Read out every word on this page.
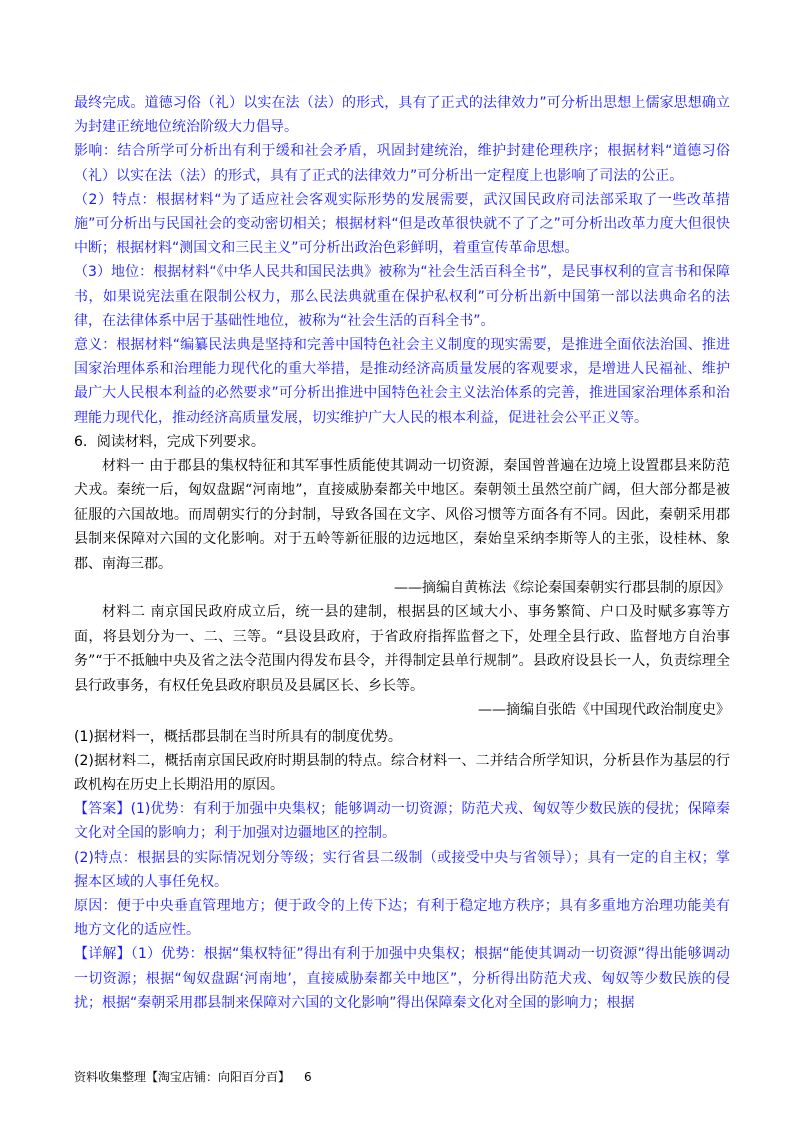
最终完成。道德习俗（礼）以实在法（法）的形式，具有了正式的法律效力”可分析出思想上儒家思想确立为封建正统地位统治阶级大力倡导。

影响：结合所学可分析出有利于缓和社会矛盾，巩固封建统治，维护封建伦理秩序；根据材料“道德习俗（礼）以实在法（法）的形式，具有了正式的法律效力”可分析出一定程度上也影响了司法的公正。

（2）特点：根据材料“为了适应社会客观实际形势的发展需要，武汉国民政府司法部采取了一些改革措施”可分析出与民国社会的变动密切相关；根据材料“但是改革很快就不了了之”可分析出改革力度大但很快中断；根据材料“测国文和三民主义”可分析出政治色彩鲜明，着重宣传革命思想。

（3）地位：根据材料“《中华人民共和国民法典》被称为“社会生活百科全书”，是民事权利的宣言书和保障书，如果说宪法重在限制公权力，那么民法典就重在保护私权利”可分析出新中国第一部以法典命名的法律，在法律体系中居于基础性地位，被称为“社会生活的百科全书”。

意义：根据材料“编纂民法典是坚持和完善中国特色社会主义制度的现实需要，是推进全面依法治国、推进国家治理体系和治理能力现代化的重大举措，是推动经济高质量发展的客观要求，是增进人民福祉、维护最广大人民根本利益的必然要求”可分析出推进中国特色社会主义法治体系的完善，推进国家治理体系和治理能力现代化，推动经济高质量发展，切实维护广大人民的根本利益，促进社会公平正义等。

6．阅读材料，完成下列要求。

材料一 由于郡县的集权特征和其军事性质能使其调动一切资源，秦国曾普遍在边境上设置郡县来防范犬戎。秦统一后，匈奴盘踞“河南地”，直接威胁秦都关中地区。秦朝领土虽然空前广阔，但大部分都是被征服的六国故地。而周朝实行的分封制，导致各国在文字、风俗习惯等方面各有不同。因此，秦朝采用郡县制来保障对六国的文化影响。对于五岭等新征服的边远地区，秦始皇采纳李斯等人的主张，设桂林、象郡、南海三郡。

——摘编自黄栋法《综论秦国秦朝实行郡县制的原因》

材料二 南京国民政府成立后，统一县的建制，根据县的区域大小、事务繁简、户口及时赋多寡等方面，将县划分为一、二、三等。“县设县政府，于省政府指挥监督之下，处理全县行政、监督地方自治事务”“于不抵触中央及省之法令范围内得发布县令，并得制定县单行规制”。县政府设县长一人，负责综理全县行政事务，有权任免县政府职员及县属区长、乡长等。

——摘编自张皓《中国现代政治制度史》

(1)据材料一，概括郡县制在当时所具有的制度优势。

(2)据材料二，概括南京国民政府时期县制的特点。综合材料一、二并结合所学知识，分析县作为基层的行政机构在历史上长期沿用的原因。

【答案】(1)优势：有利于加强中央集权；能够调动一切资源；防范犬戎、匈奴等少数民族的侵扰；保障秦文化对全国的影响力；利于加强对边疆地区的控制。

(2)特点：根据县的实际情况划分等级；实行省县二级制（或接受中央与省领导）；具有一定的自主权；掌握本区域的人事任免权。

原因：便于中央垂直管理地方；便于政令的上传下达；有利于稳定地方秩序；具有多重地方治理功能美有地方文化的适应性。

【详解】（1）优势：根据“集权特征”得出有利于加强中央集权；根据“能使其调动一切资源”得出能够调动一切资源；根据“匈奴盘踞‘河南地’，直接威胁秦都关中地区”，分析得出防范犬戎、匈奴等少数民族的侵扰；根据“秦朝采用郡县制来保障对六国的文化影响”得出保障秦文化对全国的影响力；根据

资料收集整理【淘宝店铺：向阳百分百】 6
